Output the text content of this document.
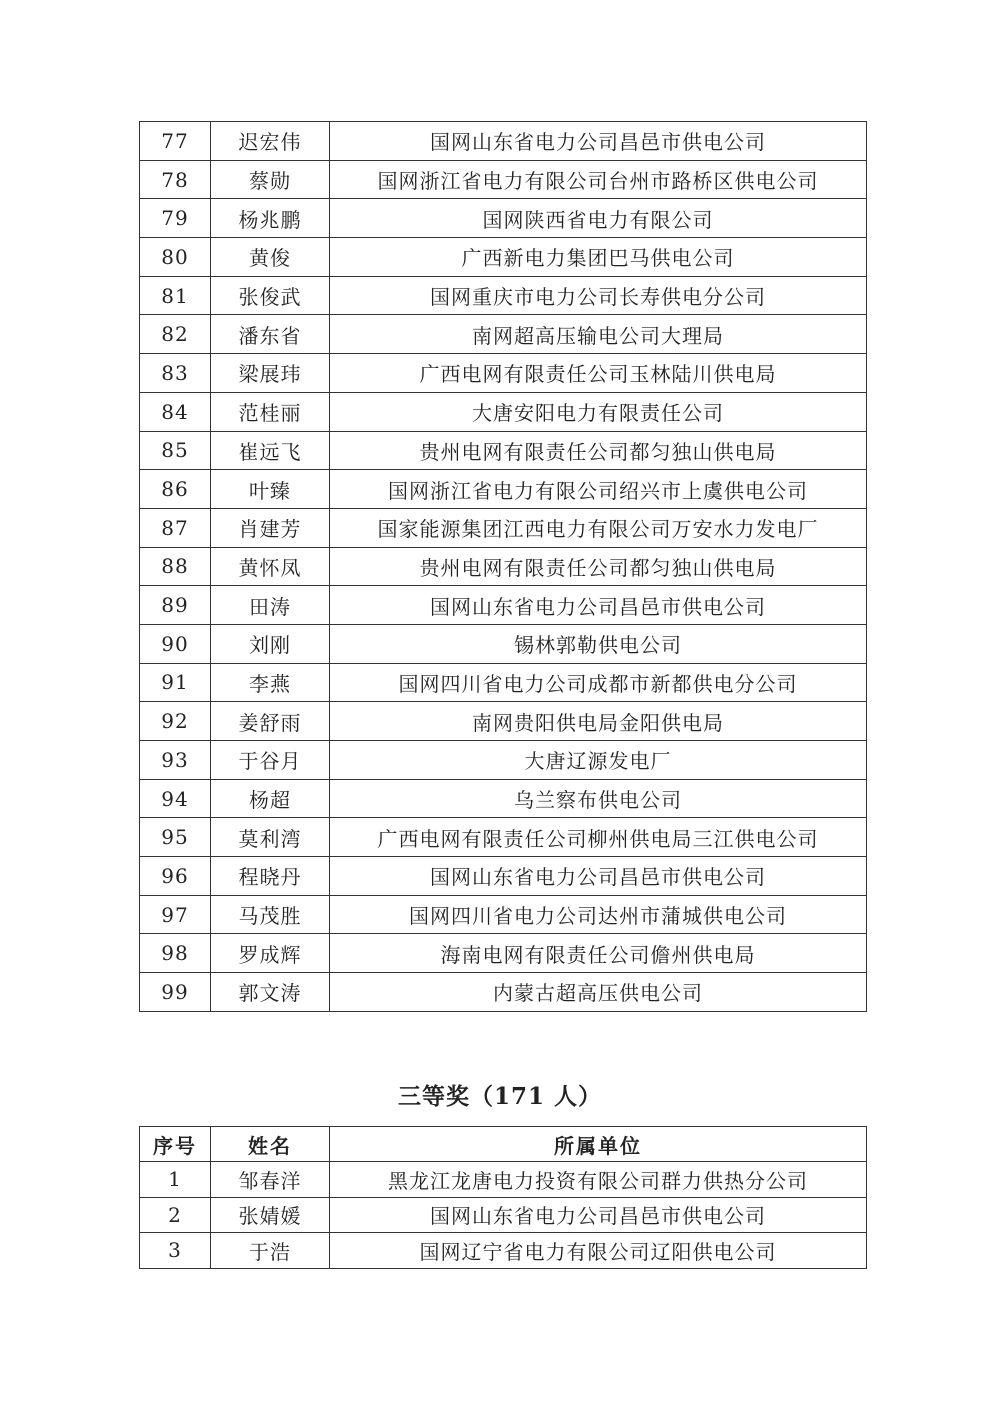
77	迟宏伟	国网山东省电力公司昌邑市供电公司
78	蔡勋	国网浙江省电力有限公司台州市路桥区供电公司
79	杨兆鹏	国网陕西省电力有限公司
80	黄俊	广西新电力集团巴马供电公司
81	张俊武	国网重庆市电力公司长寿供电分公司
82	潘东省	南网超高压输电公司大理局
83	梁展玮	广西电网有限责任公司玉林陆川供电局
84	范桂丽	大唐安阳电力有限责任公司
85	崔远飞	贵州电网有限责任公司都匀独山供电局
86	叶臻	国网浙江省电力有限公司绍兴市上虞供电公司
87	肖建芳	国家能源集团江西电力有限公司万安水力发电厂
88	黄怀凤	贵州电网有限责任公司都匀独山供电局
89	田涛	国网山东省电力公司昌邑市供电公司
90	刘刚	锡林郭勒供电公司
91	李燕	国网四川省电力公司成都市新都供电分公司
92	姜舒雨	南网贵阳供电局金阳供电局
93	于谷月	大唐辽源发电厂
94	杨超	乌兰察布供电公司
95	莫利湾	广西电网有限责任公司柳州供电局三江供电公司
96	程晓丹	国网山东省电力公司昌邑市供电公司
97	马茂胜	国网四川省电力公司达州市蒲城供电公司
98	罗成辉	海南电网有限责任公司儋州供电局
99	郭文涛	内蒙古超高压供电公司
三等奖（171 人）
序号	姓名	所属单位
1	邹春洋	黑龙江龙唐电力投资有限公司群力供热分公司
2	张婧媛	国网山东省电力公司昌邑市供电公司
3	于浩	国网辽宁省电力有限公司辽阳供电公司
